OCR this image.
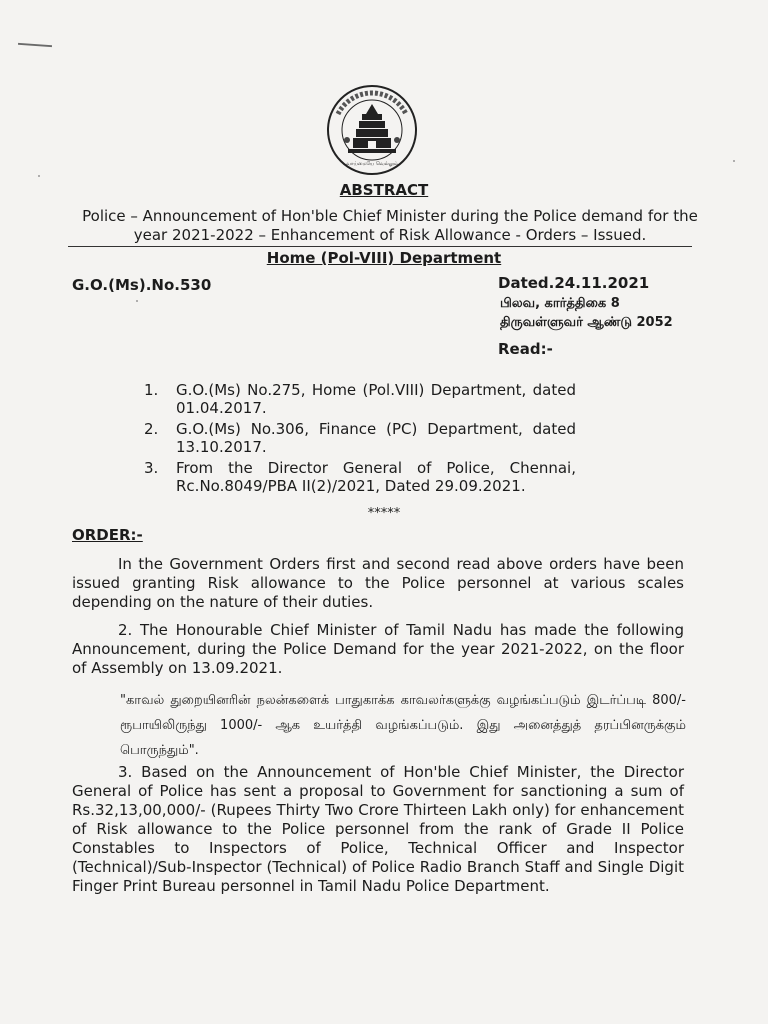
வாய்மையே வெல்லும்
ABSTRACT
Police – Announcement of Hon'ble Chief Minister during the Police demand for the year 2021-2022 – Enhancement of Risk Allowance - Orders – Issued.
Home (Pol-VIII) Department
G.O.(Ms).No.530	Dated.24.11.2021
பிலவ, கார்த்திகை 8
திருவள்ளுவர் ஆண்டு 2052
Read:-
1.	G.O.(Ms) No.275, Home (Pol.VIII) Department, dated 01.04.2017.
2.	G.O.(Ms) No.306, Finance (PC) Department, dated 13.10.2017.
3.	From the Director General of Police, Chennai, Rc.No.8049/PBA II(2)/2021, Dated 29.09.2021.
*****
ORDER:-
In the Government Orders first and second read above orders have been issued granting Risk allowance to the Police personnel at various scales depending on the nature of their duties.
2. The Honourable Chief Minister of Tamil Nadu has made the following Announcement, during the Police Demand for the year 2021-2022, on the floor of Assembly on 13.09.2021.
"காவல் துறையினரின் நலன்களைக் பாதுகாக்க காவலர்களுக்கு வழங்கப்படும் இடர்ப்படி 800/- ரூபாயிலிருந்து 1000/- ஆக உயர்த்தி வழங்கப்படும். இது அனைத்துத் தரப்பினருக்கும் பொருந்தும்".
3. Based on the Announcement of Hon'ble Chief Minister, the Director General of Police has sent a proposal to Government for sanctioning a sum of Rs.32,13,00,000/- (Rupees Thirty Two Crore Thirteen Lakh only) for enhancement of Risk allowance to the Police personnel from the rank of Grade II Police Constables to Inspectors of Police, Technical Officer and Inspector (Technical)/Sub-Inspector (Technical) of Police Radio Branch Staff and Single Digit Finger Print Bureau personnel in Tamil Nadu Police Department.
